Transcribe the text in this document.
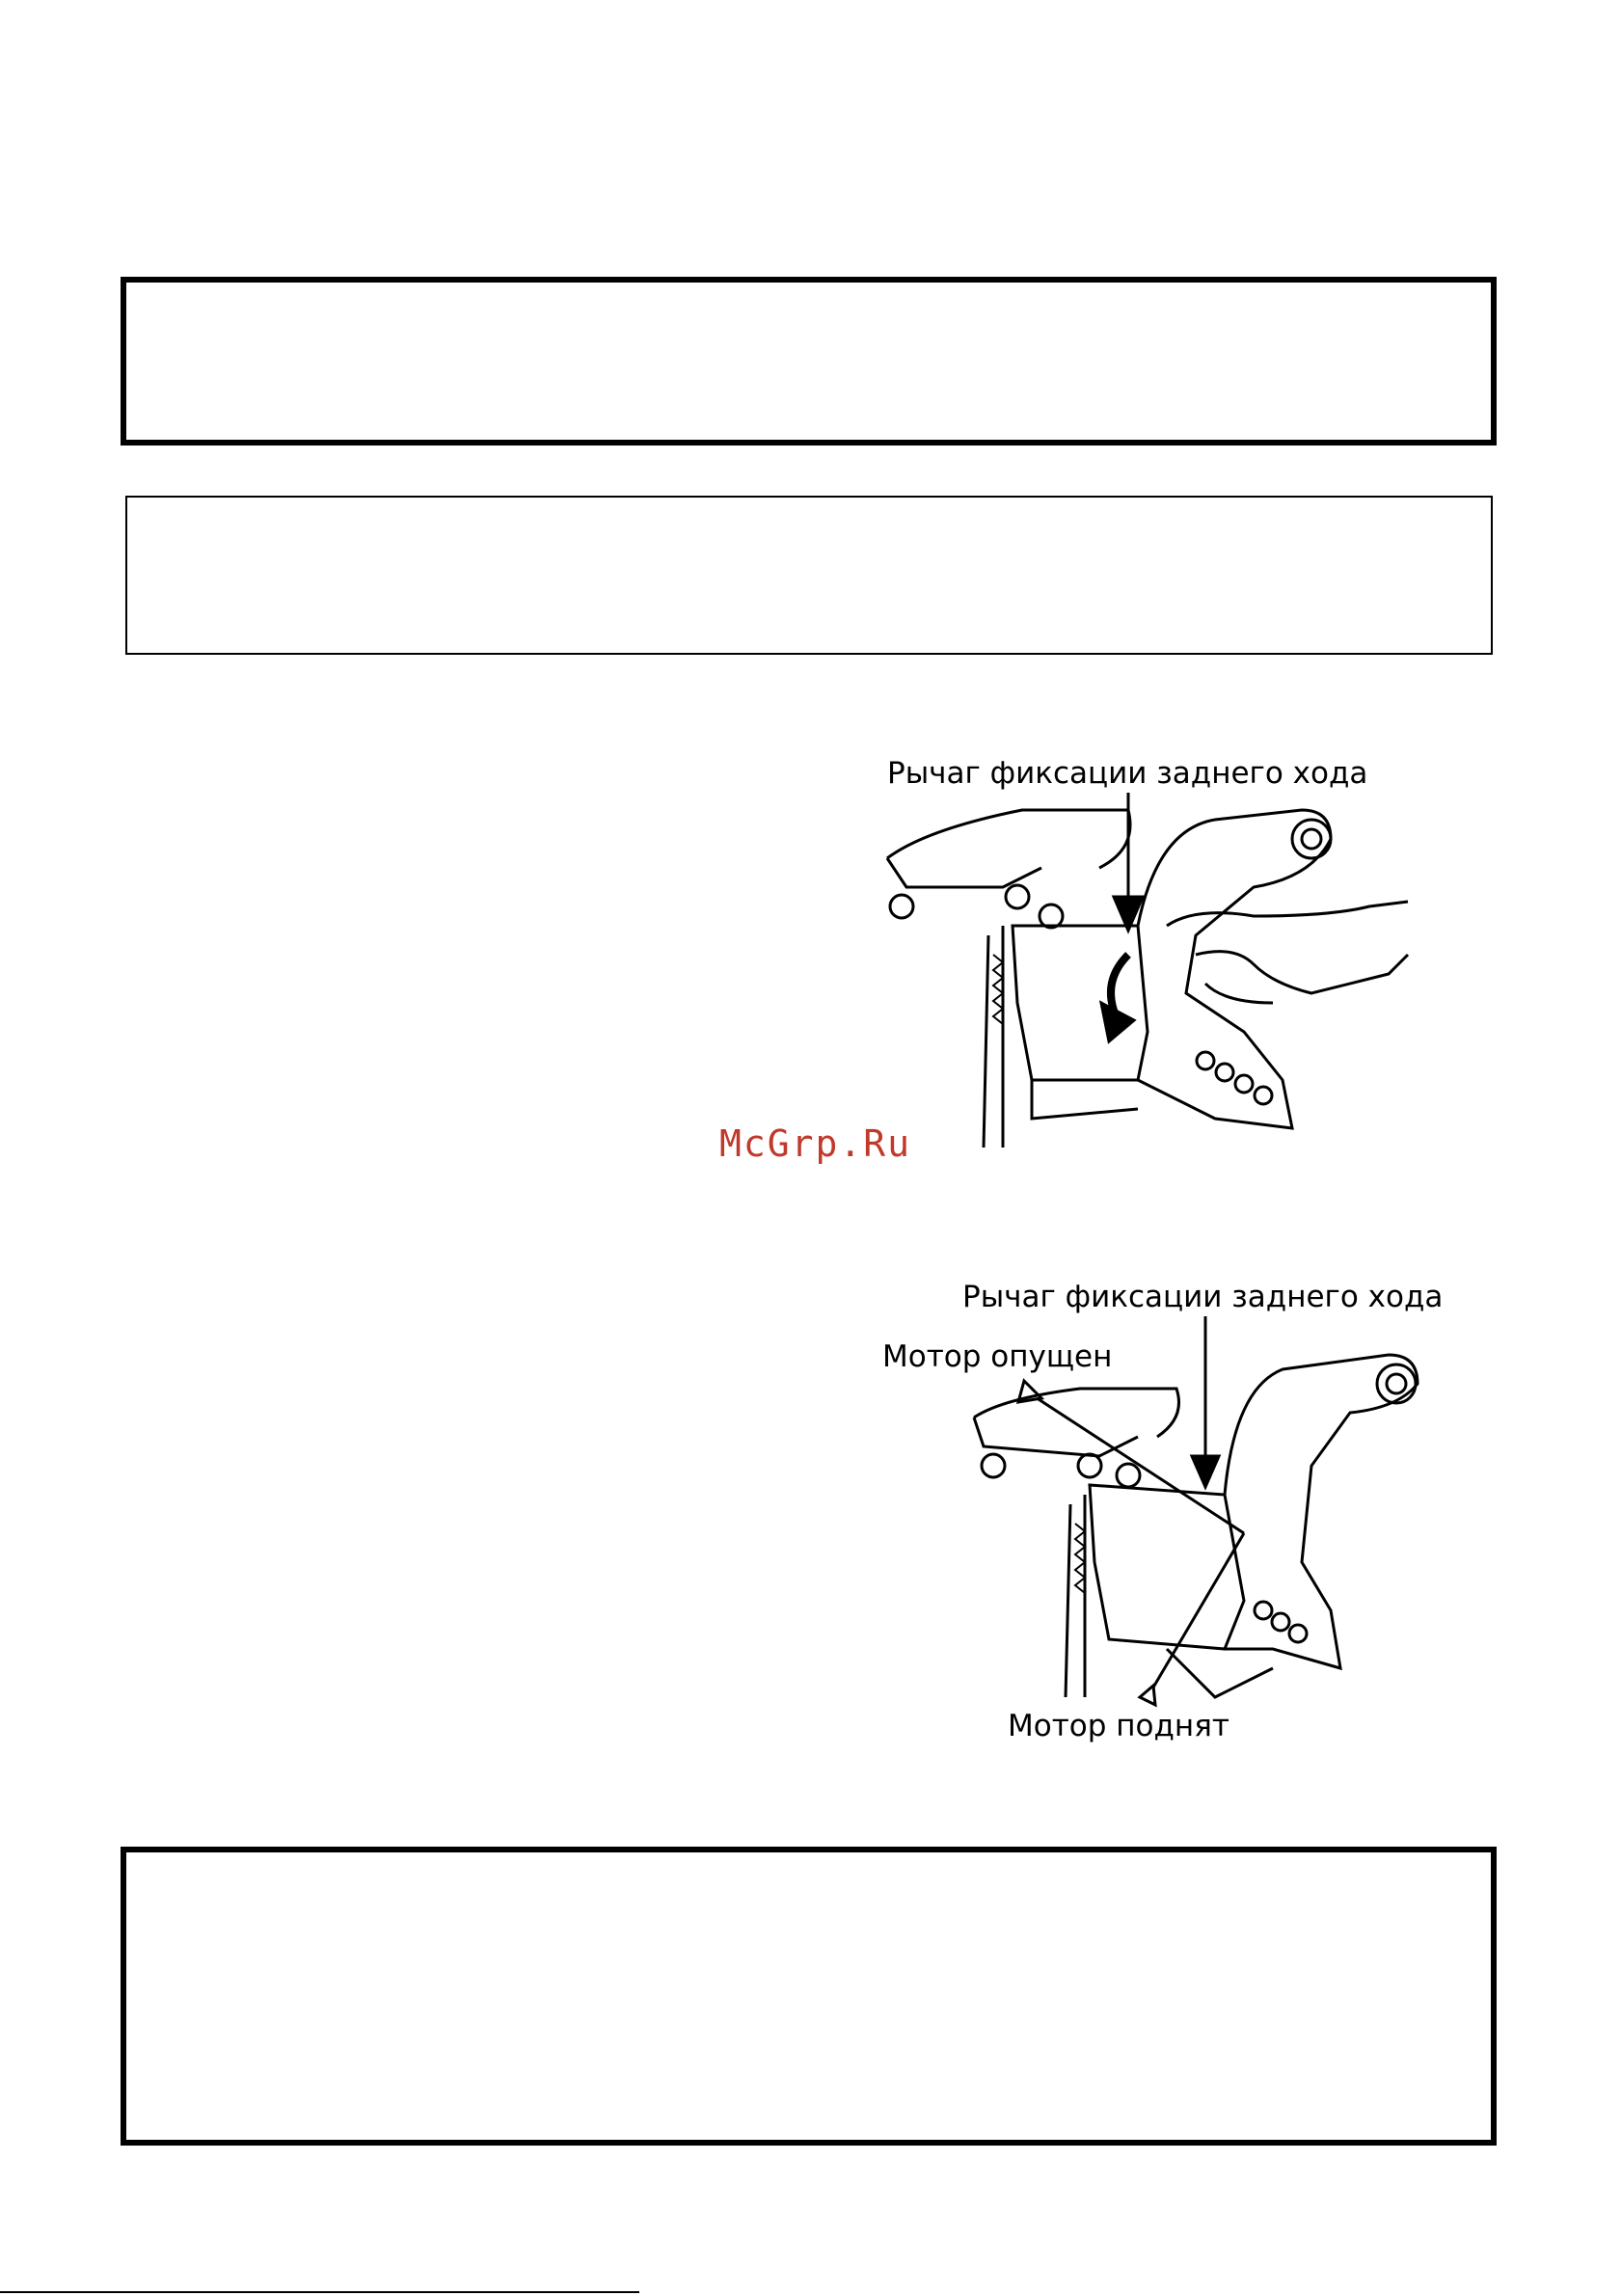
Рычаг фиксации заднего хода
McGrp.Ru
Рычаг фиксации заднего хода
Мотор опущен
Мотор поднят
